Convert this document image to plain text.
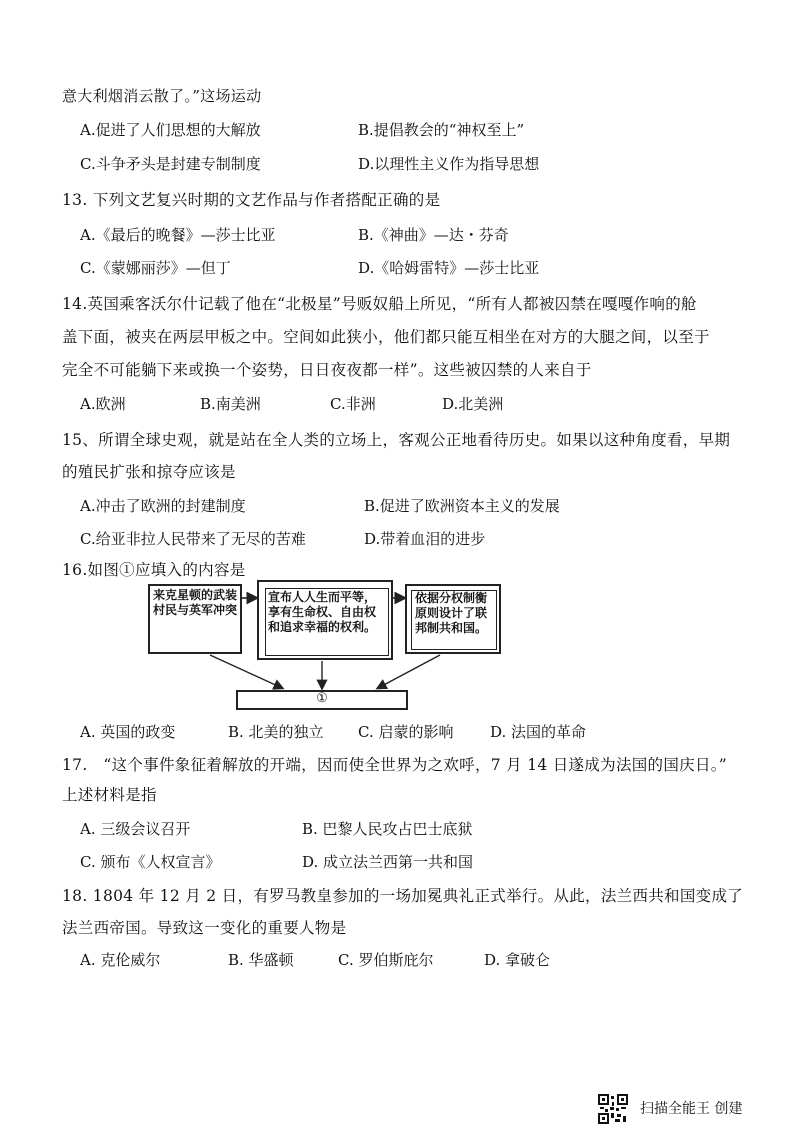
意大利烟消云散了。”这场运动
A.促进了人们思想的大解放	B.提倡教会的“神权至上”
C.斗争矛头是封建专制制度	D.以理性主义作为指导思想
13. 下列文艺复兴时期的文艺作品与作者搭配正确的是
A.《最后的晚餐》—莎士比亚	B.《神曲》—达・芬奇
C.《蒙娜丽莎》—但丁	D.《哈姆雷特》—莎士比亚
14.英国乘客沃尔什记载了他在“北极星”号贩奴船上所见，“所有人都被囚禁在嘎嘎作响的舱
盖下面，被夹在两层甲板之中。空间如此狭小，他们都只能互相坐在对方的大腿之间，以至于
完全不可能躺下来或换一个姿势，日日夜夜都一样”。这些被囚禁的人来自于
A.欧洲	B.南美洲	C.非洲	D.北美洲
15、所谓全球史观，就是站在全人类的立场上，客观公正地看待历史。如果以这种角度看，早期
的殖民扩张和掠夺应该是
A.冲击了欧洲的封建制度	B.促进了欧洲资本主义的发展
C.给亚非拉人民带来了无尽的苦难	D.带着血泪的进步
16.如图①应填入的内容是
来克星顿的武装村民与英军冲突
宣布人人生而平等，享有生命权、自由权和追求幸福的权利。
依据分权制衡原则设计了联邦制共和国。
①
A. 英国的政变	B. 北美的独立 C. 启蒙的影响 D. 法国的革命
17.　“这个事件象征着解放的开端，因而使全世界为之欢呼，7 月 14 日遂成为法国的国庆日。”
上述材料是指
A. 三级会议召开	B. 巴黎人民攻占巴士底狱
C. 颁布《人权宣言》	D. 成立法兰西第一共和国
18. 1804 年 12 月 2 日，有罗马教皇参加的一场加冕典礼正式举行。从此，法兰西共和国变成了
法兰西帝国。导致这一变化的重要人物是
A. 克伦威尔	B. 华盛顿	C. 罗伯斯庇尔	D. 拿破仑
扫描全能王 创建
